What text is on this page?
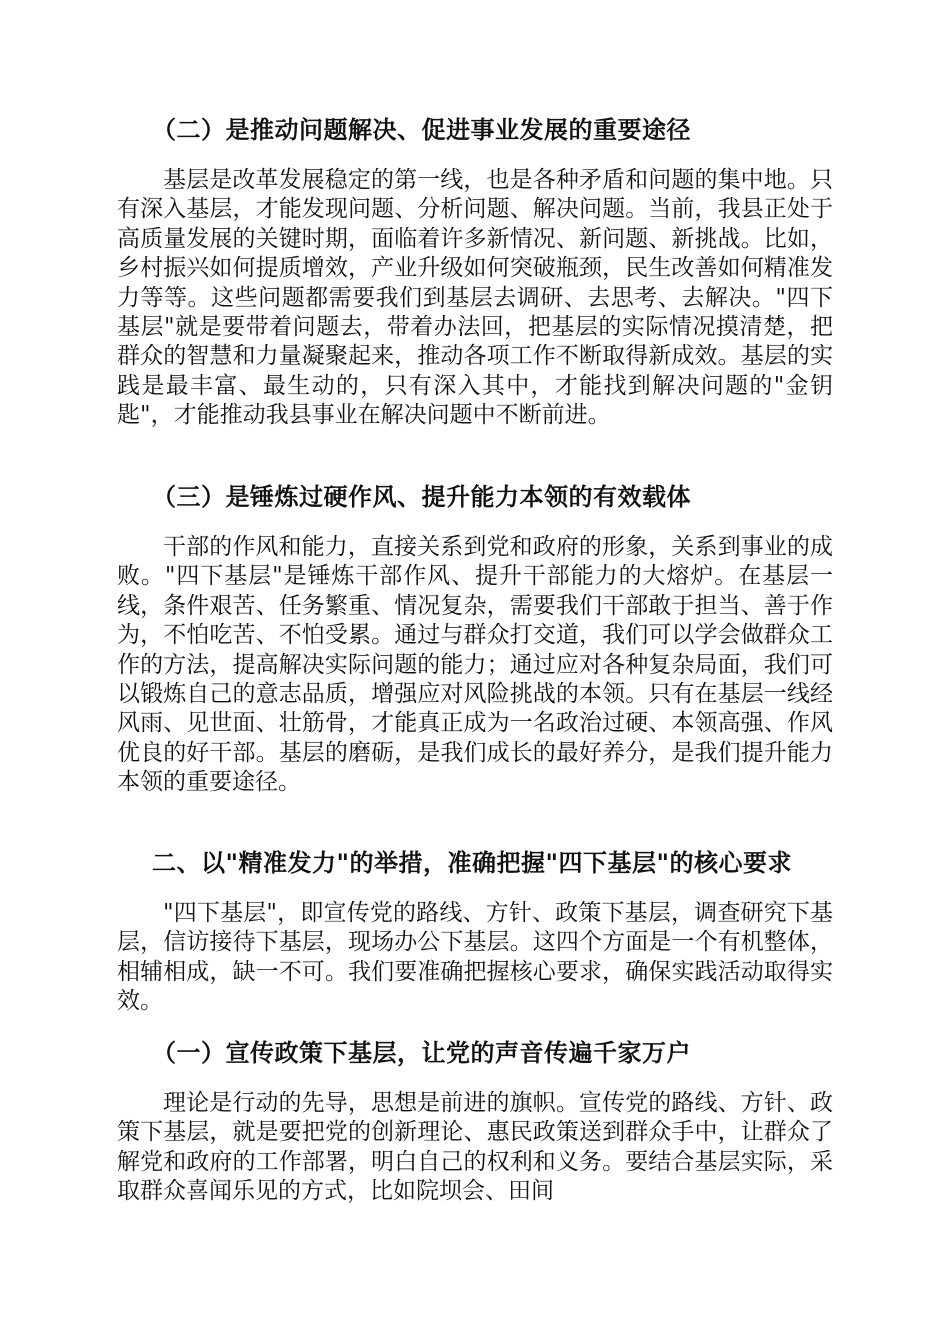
（二）是推动问题解决、促进事业发展的重要途径

基层是改革发展稳定的第一线，也是各种矛盾和问题的集中地。只有深入基层，才能发现问题、分析问题、解决问题。当前，我县正处于高质量发展的关键时期，面临着许多新情况、新问题、新挑战。比如，乡村振兴如何提质增效，产业升级如何突破瓶颈，民生改善如何精准发力等等。这些问题都需要我们到基层去调研、去思考、去解决。"四下基层"就是要带着问题去，带着办法回，把基层的实际情况摸清楚，把群众的智慧和力量凝聚起来，推动各项工作不断取得新成效。基层的实践是最丰富、最生动的，只有深入其中，才能找到解决问题的"金钥匙"，才能推动我县事业在解决问题中不断前进。

（三）是锤炼过硬作风、提升能力本领的有效载体

干部的作风和能力，直接关系到党和政府的形象，关系到事业的成败。"四下基层"是锤炼干部作风、提升干部能力的大熔炉。在基层一线，条件艰苦、任务繁重、情况复杂，需要我们干部敢于担当、善于作为，不怕吃苦、不怕受累。通过与群众打交道，我们可以学会做群众工作的方法，提高解决实际问题的能力；通过应对各种复杂局面，我们可以锻炼自己的意志品质，增强应对风险挑战的本领。只有在基层一线经风雨、见世面、壮筋骨，才能真正成为一名政治过硬、本领高强、作风优良的好干部。基层的磨砺，是我们成长的最好养分，是我们提升能力本领的重要途径。

二、以"精准发力"的举措，准确把握"四下基层"的核心要求

"四下基层"，即宣传党的路线、方针、政策下基层，调查研究下基层，信访接待下基层，现场办公下基层。这四个方面是一个有机整体，相辅相成，缺一不可。我们要准确把握核心要求，确保实践活动取得实效。

（一）宣传政策下基层，让党的声音传遍千家万户

理论是行动的先导，思想是前进的旗帜。宣传党的路线、方针、政策下基层，就是要把党的创新理论、惠民政策送到群众手中，让群众了解党和政府的工作部署，明白自己的权利和义务。要结合基层实际，采取群众喜闻乐见的方式，比如院坝会、田间
